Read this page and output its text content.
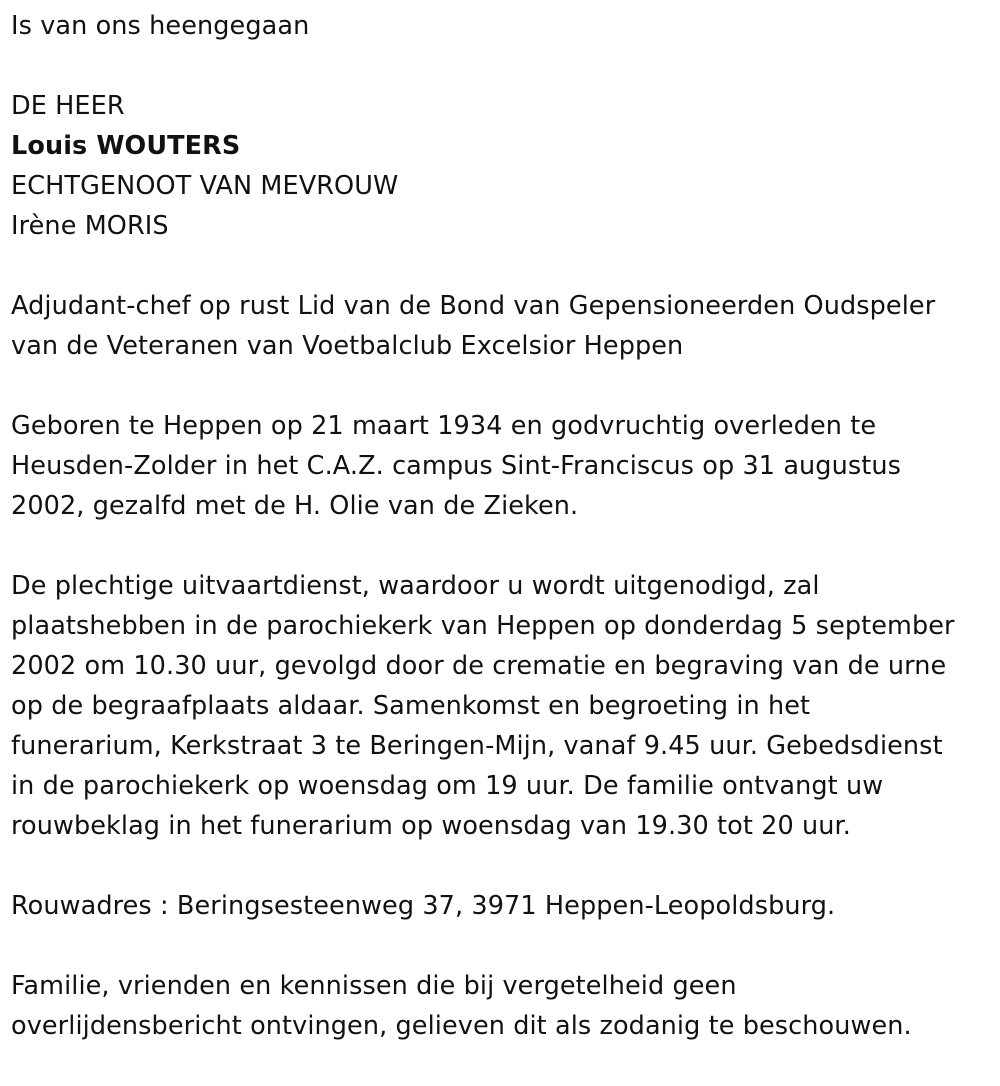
Is van ons heengegaan
DE HEER
Louis WOUTERS
ECHTGENOOT VAN MEVROUW
Irène MORIS
Adjudant-chef op rust Lid van de Bond van Gepensioneerden Oudspeler
van de Veteranen van Voetbalclub Excelsior Heppen
Geboren te Heppen op 21 maart 1934 en godvruchtig overleden te
Heusden-Zolder in het C.A.Z. campus Sint-Franciscus op 31 augustus
2002, gezalfd met de H. Olie van de Zieken.
De plechtige uitvaartdienst, waardoor u wordt uitgenodigd, zal
plaatshebben in de parochiekerk van Heppen op donderdag 5 september
2002 om 10.30 uur, gevolgd door de crematie en begraving van de urne
op de begraafplaats aldaar. Samenkomst en begroeting in het
funerarium, Kerkstraat 3 te Beringen-Mijn, vanaf 9.45 uur. Gebedsdienst
in de parochiekerk op woensdag om 19 uur. De familie ontvangt uw
rouwbeklag in het funerarium op woensdag van 19.30 tot 20 uur.
Rouwadres : Beringsesteenweg 37, 3971 Heppen-Leopoldsburg.
Familie, vrienden en kennissen die bij vergetelheid geen
overlijdensbericht ontvingen, gelieven dit als zodanig te beschouwen.
